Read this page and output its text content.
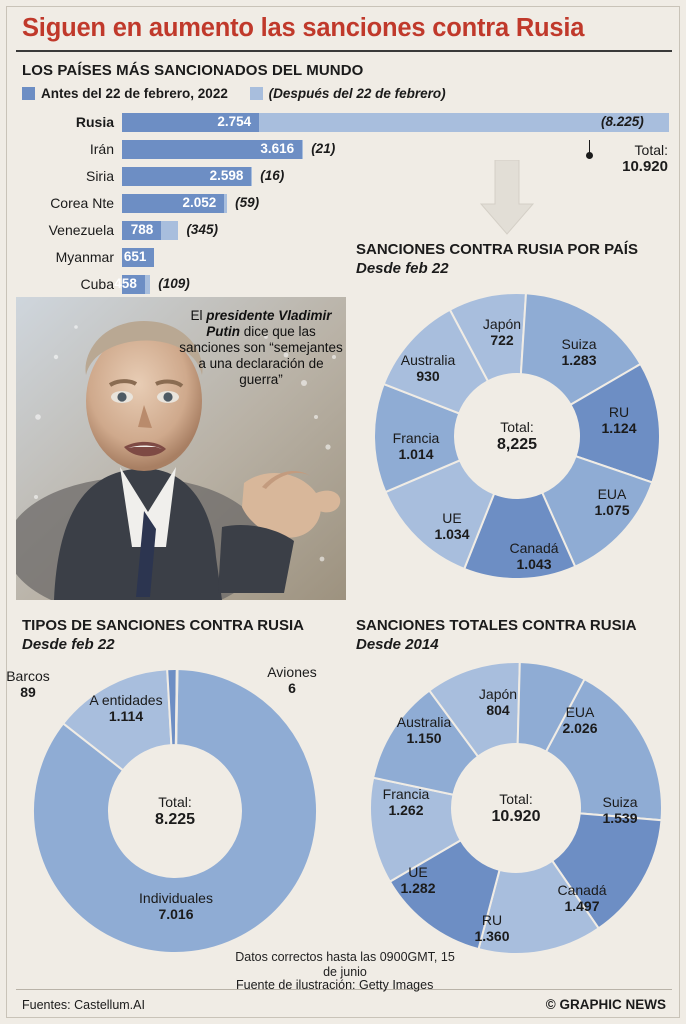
Siguen en aumento las sanciones contra Rusia
LOS PAÍSES MÁS SANCIONADOS DEL MUNDO
Antes del 22 de febrero, 2022	(Después del 22 de febrero)
Rusia	2.754	(8.225)
Irán	3.616 (21)
Siria	2.598 (16)
Corea Nte	2.052 (59)
Venezuela	788 (345)
Myanmar 651
Cuba 458 (109)
Total:
10.920
El presidente Vladimir Putin dice que las sanciones son “semejantes a una declaración de guerra”
SANCIONES CONTRA RUSIA POR PAÍS Desde feb 22
Total:
8,225
Japón
722	Suiza
1.283
RU
1.124
EUA
1.075
Canadá
1.043
UE
1.034
Francia
1.014
Australia
930
TIPOS DE SANCIONES CONTRA RUSIA Desde feb 22
Total:
8.225
Individuales
7.016
A entidades
1.114
Barcos
89
Aviones
6
SANCIONES TOTALES CONTRA RUSIA Desde 2014
Total:
10.920
EUA
2.026
Suiza
1.539
Canadá
1.497
RU
1.360
UE
1.282
Francia
1.262
Australia
1.150
Japón
804
Datos correctos hasta las 0900GMT, 15 de junio
Fuente de ilustración: Getty Images
Fuentes: Castellum.AI	© GRAPHIC NEWS
